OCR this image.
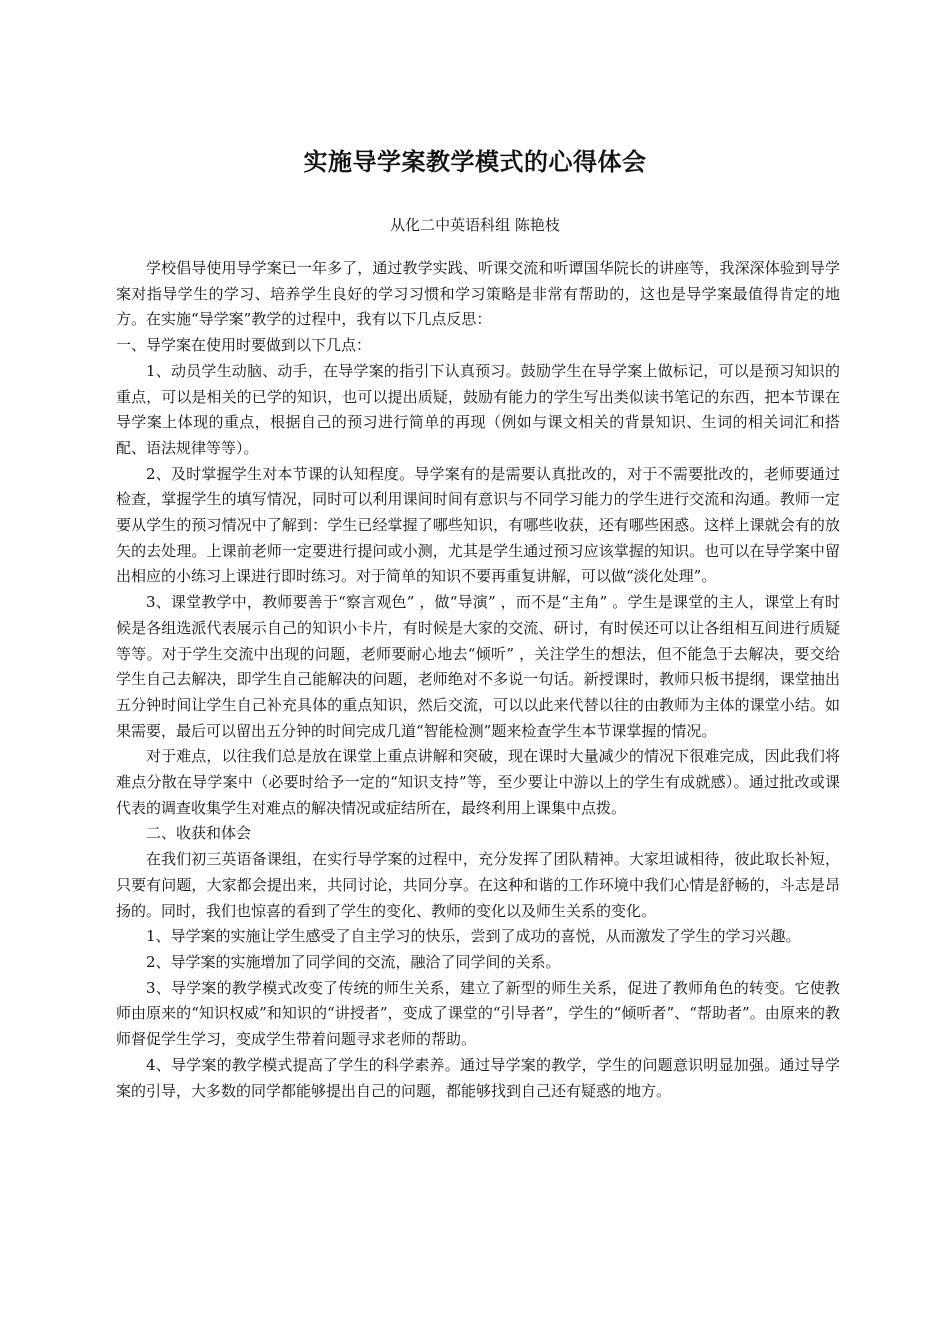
实施导学案教学模式的心得体会
从化二中英语科组 陈艳枝

学校倡导使用导学案已一年多了，通过教学实践、听课交流和听谭国华院长的讲座等，我深深体验到导学案对指导学生的学习、培养学生良好的学习习惯和学习策略是非常有帮助的，这也是导学案最值得肯定的地方。在实施“导学案”教学的过程中，我有以下几点反思：

一、导学案在使用时要做到以下几点：

1、动员学生动脑、动手，在导学案的指引下认真预习。鼓励学生在导学案上做标记，可以是预习知识的重点，可以是相关的已学的知识，也可以提出质疑，鼓励有能力的学生写出类似读书笔记的东西，把本节课在导学案上体现的重点，根据自己的预习进行简单的再现（例如与课文相关的背景知识、生词的相关词汇和搭配、语法规律等等）。

2、及时掌握学生对本节课的认知程度。导学案有的是需要认真批改的，对于不需要批改的，老师要通过检查，掌握学生的填写情况，同时可以利用课间时间有意识与不同学习能力的学生进行交流和沟通。教师一定要从学生的预习情况中了解到：学生已经掌握了哪些知识，有哪些收获，还有哪些困惑。这样上课就会有的放矢的去处理。上课前老师一定要进行提问或小测，尤其是学生通过预习应该掌握的知识。也可以在导学案中留出相应的小练习上课进行即时练习。对于简单的知识不要再重复讲解，可以做“淡化处理”。

3、课堂教学中，教师要善于“察言观色” ，做“导演” ，而不是“主角” 。学生是课堂的主人，课堂上有时候是各组选派代表展示自己的知识小卡片，有时候是大家的交流、研讨，有时侯还可以让各组相互间进行质疑等等。对于学生交流中出现的问题，老师要耐心地去“倾听” ，关注学生的想法，但不能急于去解决，要交给学生自己去解决，即学生自己能解决的问题，老师绝对不多说一句话。新授课时，教师只板书提纲，课堂抽出五分钟时间让学生自己补充具体的重点知识，然后交流，可以以此来代替以往的由教师为主体的课堂小结。如果需要，最后可以留出五分钟的时间完成几道“智能检测”题来检查学生本节课掌握的情况。

对于难点，以往我们总是放在课堂上重点讲解和突破，现在课时大量减少的情况下很难完成，因此我们将难点分散在导学案中（必要时给予一定的“知识支持”等，至少要让中游以上的学生有成就感）。通过批改或课代表的调查收集学生对难点的解决情况或症结所在，最终利用上课集中点拨。

二、收获和体会

在我们初三英语备课组，在实行导学案的过程中，充分发挥了团队精神。大家坦诚相待，彼此取长补短，只要有问题，大家都会提出来，共同讨论，共同分享。在这种和谐的工作环境中我们心情是舒畅的，斗志是昂扬的。同时，我们也惊喜的看到了学生的变化、教师的变化以及师生关系的变化。

1、导学案的实施让学生感受了自主学习的快乐，尝到了成功的喜悦，从而激发了学生的学习兴趣。

2、导学案的实施增加了同学间的交流，融洽了同学间的关系。

3、导学案的教学模式改变了传统的师生关系，建立了新型的师生关系，促进了教师角色的转变。它使教师由原来的“知识权威”和知识的“讲授者”，变成了课堂的“引导者”，学生的“倾听者”、“帮助者”。由原来的教师督促学生学习，变成学生带着问题寻求老师的帮助。

4、导学案的教学模式提高了学生的科学素养。通过导学案的教学，学生的问题意识明显加强。通过导学案的引导，大多数的同学都能够提出自己的问题，都能够找到自己还有疑惑的地方。
